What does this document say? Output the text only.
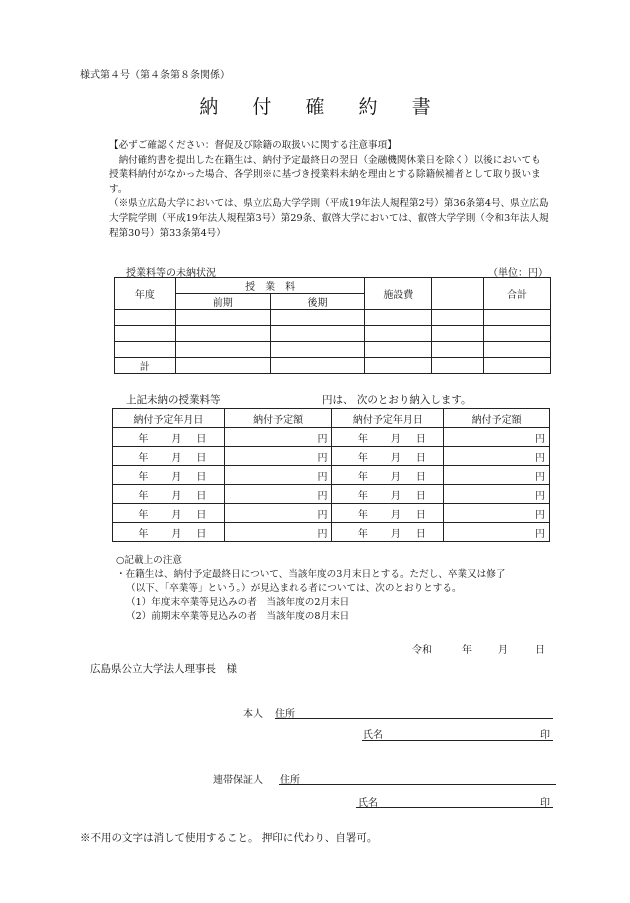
様式第４号（第４条第８条関係）
納 付 確 約 書

【必ずご確認ください：督促及び除籍の取扱いに関する注意事項】

納付確約書を提出した在籍生は、納付予定最終日の翌日（金融機関休業日を除く）以後においても授業料納付がなかった場合、各学則※に基づき授業料未納を理由とする除籍候補者として取り扱います。

（※県立広島大学においては、県立広島大学学則（平成19年法人規程第2号）第36条第4号、県立広島大学院学則（平成19年法人規程第3号）第29条、叡啓大学においては、叡啓大学学則（令和3年法人規程第30号）第33条第4号）

授業料等の未納状況	（単位：円）
年度	授　業　料		施設費		合計
	前期	後期			

計					
上記未納の授業料等	円は、 次のとおり納入します。
納付予定年月日	納付予定額	納付予定年月日	納付予定額
年 月 日	円	年 月 日	円
年 月 日	円	年 月 日	円
年 月 日	円	年 月 日	円
年 月 日	円	年 月 日	円
年 月 日	円	年 月 日	円
年 月 日	円	年 月 日	円

○記載上の注意

・在籍生は、納付予定最終日について、当該年度の3月末日とする。ただし、卒業又は修了

（以下、「卒業等」という。）が見込まれる者については、次のとおりとする。

（1）年度末卒業等見込みの者　当該年度の2月末日

（2）前期末卒業等見込みの者　当該年度の8月末日

令和	年	月	日
広島県公立大学法人理事長　様
本人 住所
氏名	印
連帯保証人 住所
氏名	印
※不用の文字は消して使用すること。 押印に代わり、自署可。
